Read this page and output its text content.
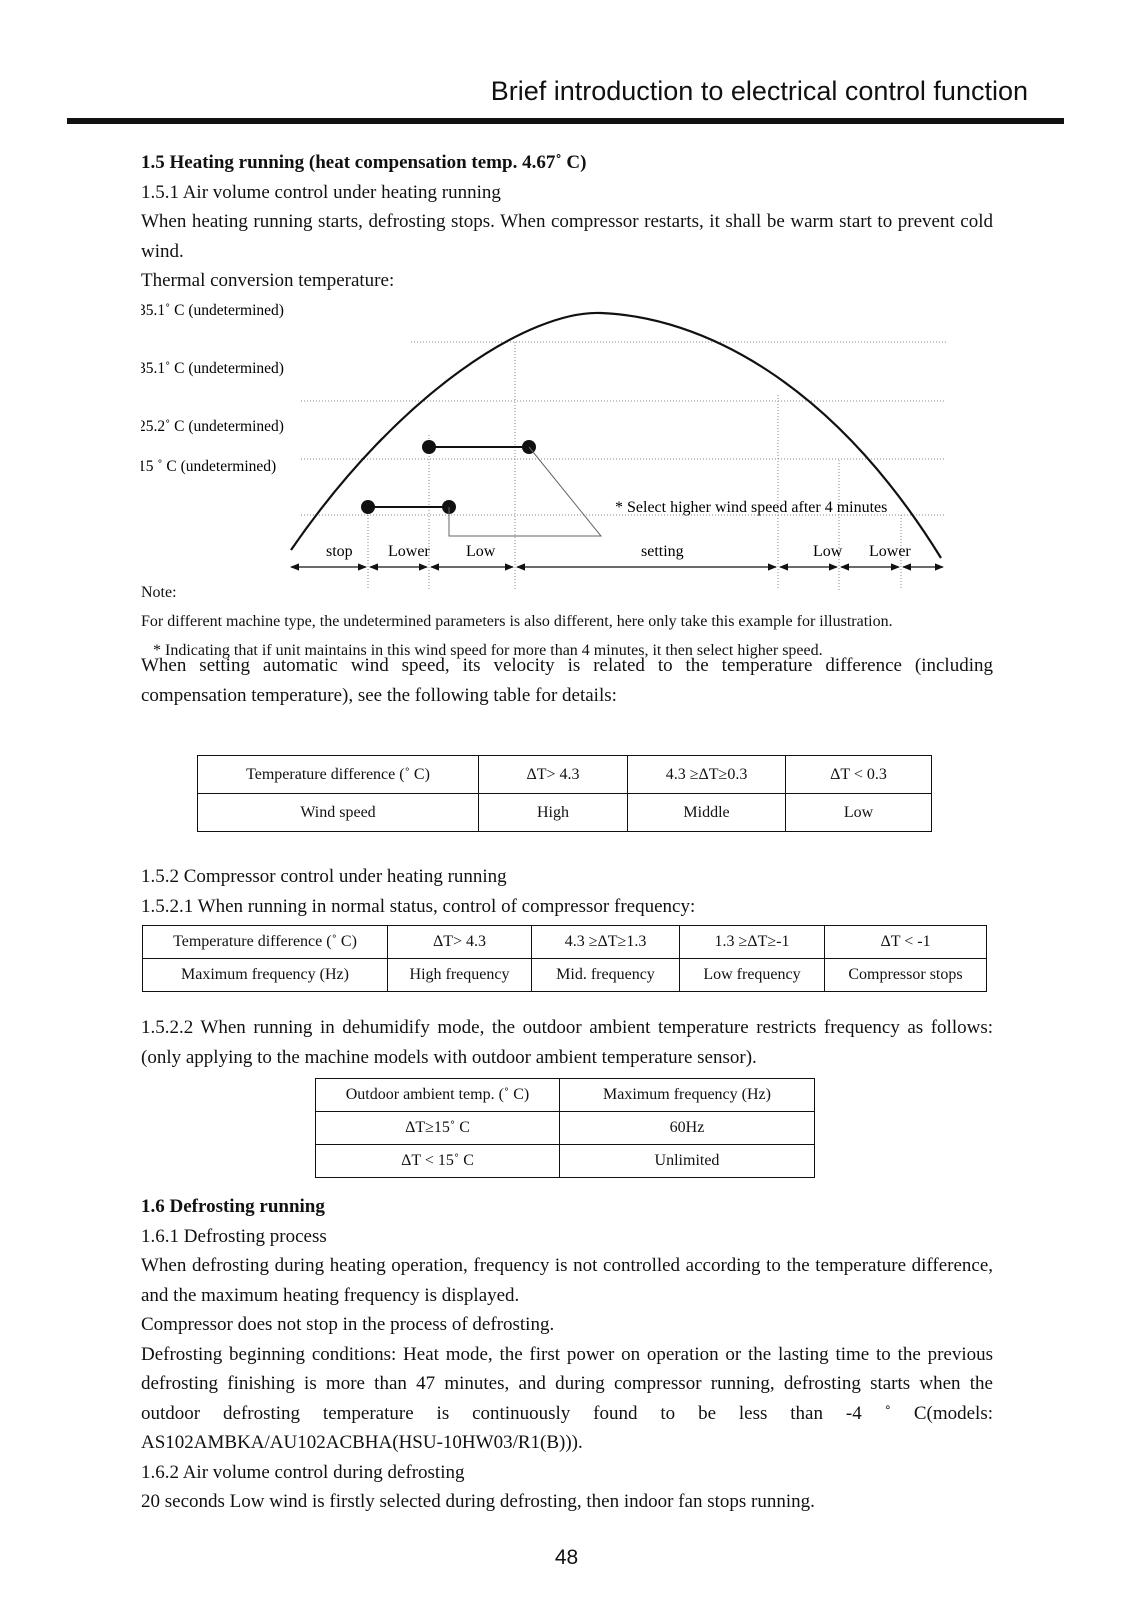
Brief introduction to electrical control function

1.5 Heating running (heat compensation temp. 4.67˚ C)

1.5.1 Air volume control under heating running

When heating running starts, defrosting stops. When compressor restarts, it shall be warm start to prevent cold wind.

Thermal conversion temperature:

35.1˚ C (undetermined)
35.1˚ C (undetermined)
25.2˚ C (undetermined)
15 ˚ C (undetermined)
* Select higher wind speed after 4 minutes
stop Lower Low	setting	Low Lower

Note:

For different machine type, the undetermined parameters is also different, here only take this example for illustration.

* Indicating that if unit maintains in this wind speed for more than 4 minutes, it then select higher speed.

When setting automatic wind speed, its velocity is related to the temperature difference (including compensation temperature), see the following table for details:

Temperature difference (˚ C)	ΔT> 4.3	4.3 ≥ΔT≥0.3	ΔT < 0.3
Wind speed	High	Middle	Low

1.5.2 Compressor control under heating running

1.5.2.1 When running in normal status, control of compressor frequency:

Temperature difference (˚ C)	ΔT> 4.3	4.3 ≥ΔT≥1.3	1.3 ≥ΔT≥-1	ΔT < -1
Maximum frequency (Hz)	High frequency	Mid. frequency	Low frequency	Compressor stops

1.5.2.2 When running in dehumidify mode, the outdoor ambient temperature restricts frequency as follows: (only applying to the machine models with outdoor ambient temperature sensor).

Outdoor ambient temp. (˚ C)	Maximum frequency (Hz)
ΔT≥15˚ C	60Hz
ΔT < 15˚ C	Unlimited

1.6 Defrosting running

1.6.1 Defrosting process

When defrosting during heating operation, frequency is not controlled according to the temperature difference, and the maximum heating frequency is displayed.

Compressor does not stop in the process of defrosting.

Defrosting beginning conditions: Heat mode, the first power on operation or the lasting time to the previous defrosting finishing is more than 47 minutes, and during compressor running, defrosting starts when the outdoor defrosting temperature is continuously found to be less than -4 ˚ C(models: AS102AMBKA/AU102ACBHA(HSU-10HW03/R1(B))).

1.6.2 Air volume control during defrosting

20 seconds Low wind is firstly selected during defrosting, then indoor fan stops running.

48
